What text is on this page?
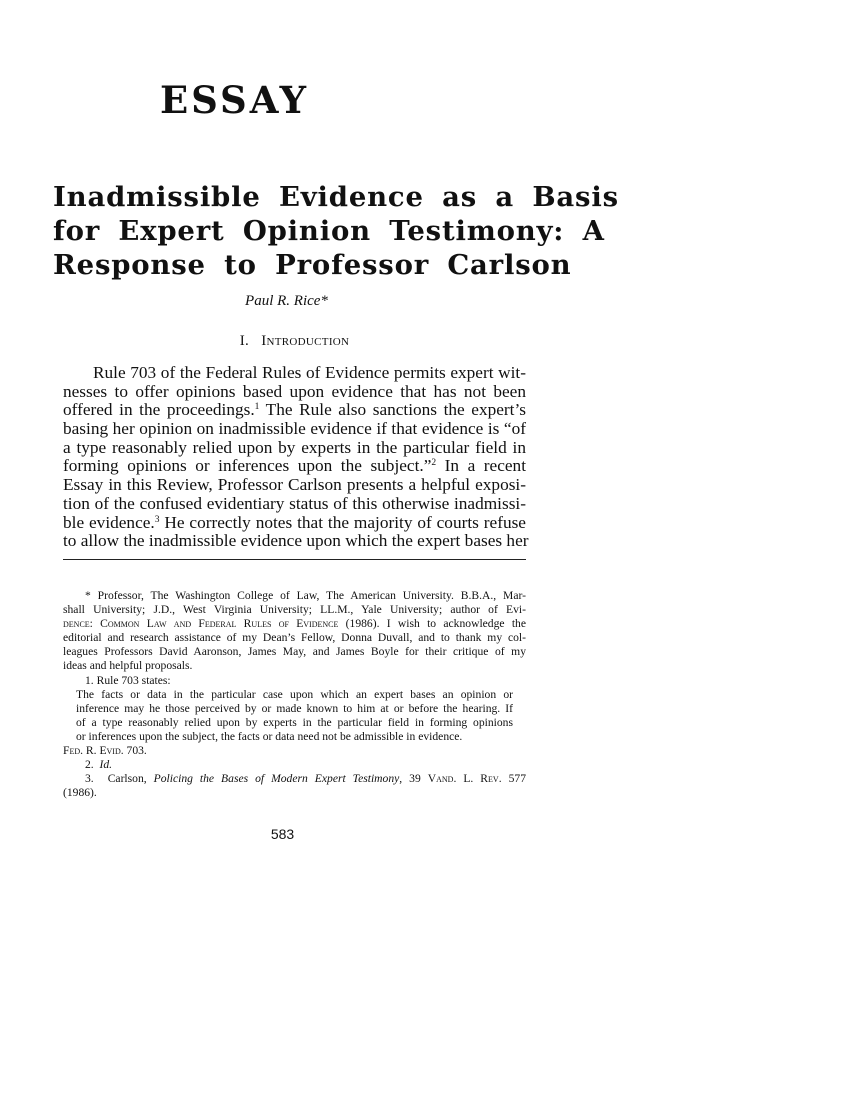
ESSAY
Inadmissible Evidence as a Basis
for Expert Opinion Testimony: A
Response to Professor Carlson
Paul R. Rice*
I. Introduction
Rule 703 of the Federal Rules of Evidence permits expert wit-
nesses to offer opinions based upon evidence that has not been
offered in the proceedings.$^1$ The Rule also sanctions the expert’s
basing her opinion on inadmissible evidence if that evidence is “of
a type reasonably relied upon by experts in the particular field in
forming opinions or inferences upon the subject.”$^2$ In a recent
Essay in this Review, Professor Carlson presents a helpful exposi-
tion of the confused evidentiary status of this otherwise inadmissi-
ble evidence.$^3$ He correctly notes that the majority of courts refuse
to allow the inadmissible evidence upon which the expert bases her
* Professor, The Washington College of Law, The American University. B.B.A., Mar-
shall University; J.D., West Virginia University; LL.M., Yale University; author of Evi-
dence: Common Law and Federal Rules of Evidence (1986). I wish to acknowledge the
editorial and research assistance of my Dean’s Fellow, Donna Duvall, and to thank my col-
leagues Professors David Aaronson, James May, and James Boyle for their critique of my
ideas and helpful proposals.
1. Rule 703 states:
The facts or data in the particular case upon which an expert bases an opinion or
inference may he those perceived by or made known to him at or before the hearing. If
of a type reasonably relied upon by experts in the particular field in forming opinions
or inferences upon the subject, the facts or data need not be admissible in evidence.
Fed. R. Evid. 703.
2. Id.
3. Carlson, Policing the Bases of Modern Expert Testimony, 39 Vand. L. Rev. 577
(1986).
583
